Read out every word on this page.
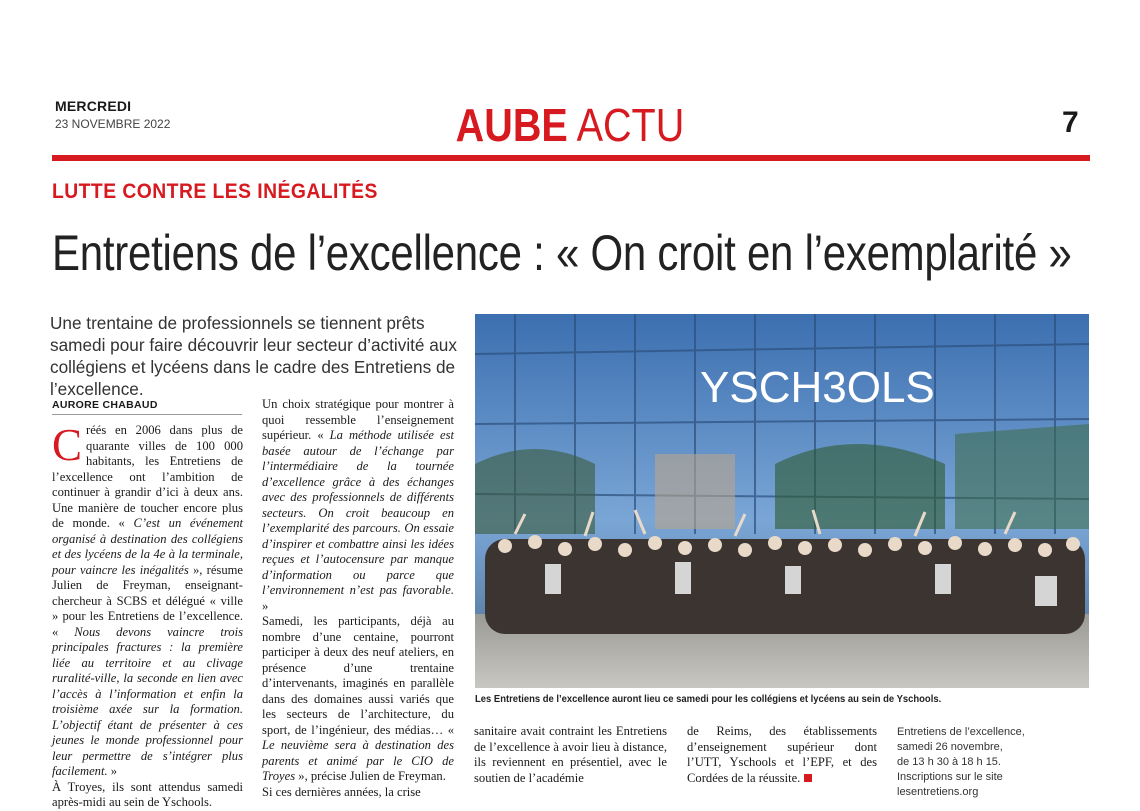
MERCREDI
23 NOVEMBRE 2022	AUBE ACTU	7
LUTTE CONTRE LES INÉGALITÉS
Entretiens de l’excellence : « On croit en l’exemplarité »
Une trentaine de professionnels se tiennent prêts samedi pour faire découvrir leur secteur d’activité aux collégiens et lycéens dans le cadre des Entretiens de l’excellence.
AURORE CHABAUD

Créés en 2006 dans plus de quarante villes de 100 000 habitants, les Entretiens de l’excellence ont l’ambition de continuer à grandir d’ici à deux ans. Une manière de toucher encore plus de monde. « C’est un événement organisé à destination des collégiens et des lycéens de la 4e à la terminale, pour vaincre les inégalités », résume Julien de Freyman, enseignant-chercheur à SCBS et délégué « ville » pour les Entretiens de l’excellence. « Nous devons vaincre trois principales fractures : la première liée au territoire et au clivage ruralité-ville, la seconde en lien avec l’accès à l’information et enfin la troisième axée sur la formation. L’objectif étant de présenter à ces jeunes le monde professionnel pour leur permettre de s’intégrer plus facilement. »

À Troyes, ils sont attendus samedi après-midi au sein de Yschools.

Un choix stratégique pour montrer à quoi ressemble l’enseignement supérieur. « La méthode utilisée est basée autour de l’échange par l’intermédiaire de la tournée d’excellence grâce à des échanges avec des professionnels de différents secteurs. On croit beaucoup en l’exemplarité des parcours. On essaie d’inspirer et combattre ainsi les idées reçues et l’autocensure par manque d’information ou parce que l’environnement n’est pas favorable. »

Samedi, les participants, déjà au nombre d’une centaine, pourront participer à deux des neuf ateliers, en présence d’une trentaine d’intervenants, imaginés en parallèle dans des domaines aussi variés que les secteurs de l’architecture, du sport, de l’ingénieur, des médias… « Le neuvième sera à destination des parents et animé par le CIO de Troyes », précise Julien de Freyman.

Si ces dernières années, la crise

YSCH3OLS
Les Entretiens de l’excellence auront lieu ce samedi pour les collégiens et lycéens au sein de Yschools.

sanitaire avait contraint les Entretiens de l’excellence à avoir lieu à distance, ils reviennent en présentiel, avec le soutien de l’académie

de Reims, des établissements d’enseignement supérieur dont l’UTT, Yschools et l’EPF, et des Cordées de la réussite.

Entretiens de l’excellence,
samedi 26 novembre,
de 13 h 30 à 18 h 15.
Inscriptions sur le site lesentretiens.org
